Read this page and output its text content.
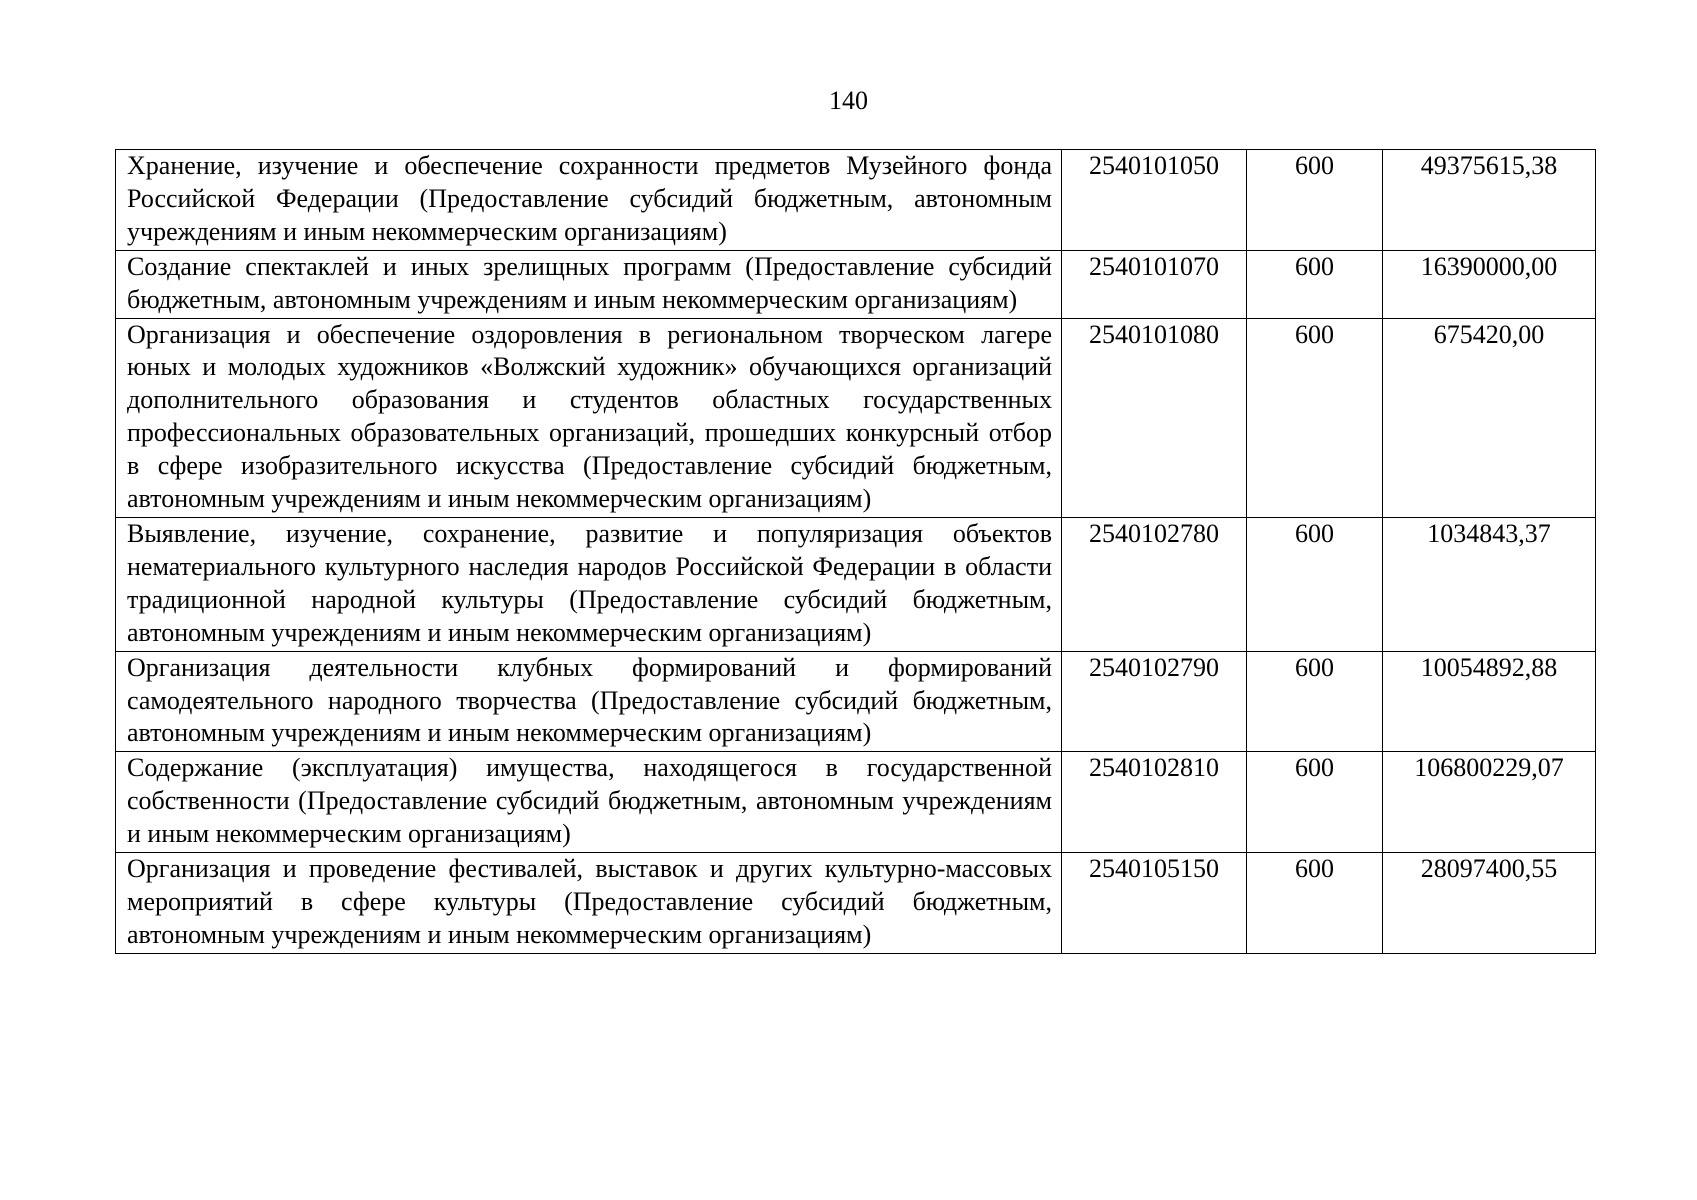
140
Хранение, изучение и обеспечение сохранности предметов Музейного фонда Российской Федерации (Предоставление субсидий бюджетным, автономным учреждениям и иным некоммерческим организациям)	2540101050	600	49375615,38
Создание спектаклей и иных зрелищных программ (Предоставление субсидий бюджетным, автономным учреждениям и иным некоммерческим организациям)	2540101070	600	16390000,00
Организация и обеспечение оздоровления в региональном творческом лагере юных и молодых художников «Волжский художник» обучающихся организаций дополнительного образования и студентов областных государственных профессиональных образовательных организаций, прошедших конкурсный отбор в сфере изобразительного искусства (Предоставление субсидий бюджетным, автономным учреждениям и иным некоммерческим организациям)	2540101080	600	675420,00
Выявление, изучение, сохранение, развитие и популяризация объектов нематериального культурного наследия народов Российской Федерации в области традиционной народной культуры (Предоставление субсидий бюджетным, автономным учреждениям и иным некоммерческим организациям)	2540102780	600	1034843,37
Организация деятельности клубных формирований и формирований самодеятельного народного творчества (Предоставление субсидий бюджетным, автономным учреждениям и иным некоммерческим организациям)	2540102790	600	10054892,88
Содержание (эксплуатация) имущества, находящегося в государственной собственности (Предоставление субсидий бюджетным, автономным учреждениям и иным некоммерческим организациям)	2540102810	600	106800229,07
Организация и проведение фестивалей, выставок и других культурно-массовых мероприятий в сфере культуры (Предоставление субсидий бюджетным, автономным учреждениям и иным некоммерческим организациям)	2540105150	600	28097400,55
